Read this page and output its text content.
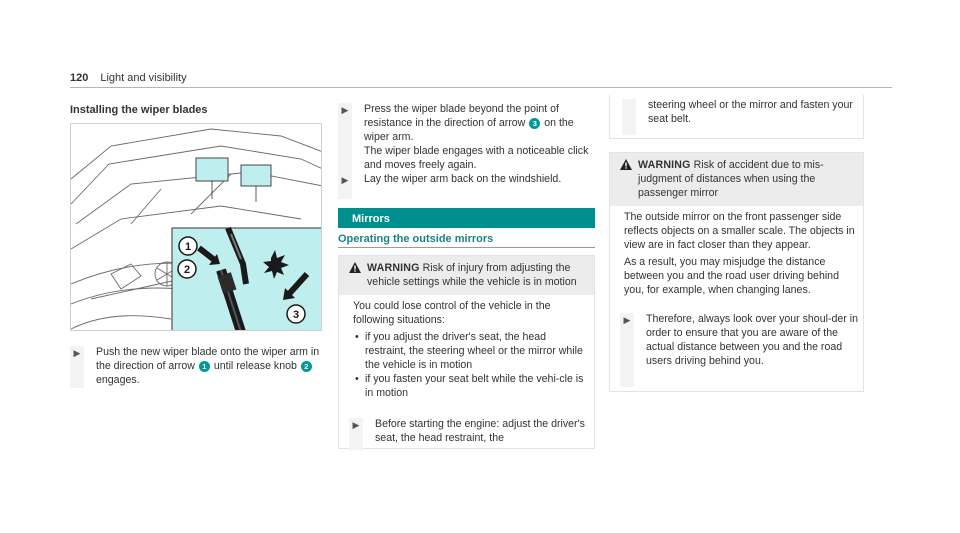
120 Light and visibility
Installing the wiper blades
1
2
3
▶	Push the new wiper blade onto the wiper arm in the direction of arrow 1 until release knob 2 engages.
▶	Press the wiper blade beyond the point of resistance in the direction of arrow 3 on the wiper arm.
The wiper blade engages with a noticeable click and moves freely again.
▶	Lay the wiper arm back on the windshield.
Mirrors
Operating the outside mirrors
WARNING Risk of injury from adjusting the vehicle settings while the vehicle is in motion

You could lose control of the vehicle in the following situations:

• if you adjust the driver's seat, the head restraint, the steering wheel or the mirror while the vehicle is in motion
• if you fasten your seat belt while the vehi-cle is in motion
▶	Before starting the engine: adjust the driver's seat, the head restraint, the
steering wheel or the mirror and fasten your seat belt.
WARNING Risk of accident due to mis-judgment of distances when using the passenger mirror

The outside mirror on the front passenger side reflects objects on a smaller scale. The objects in view are in fact closer than they appear.

As a result, you may misjudge the distance between you and the road user driving behind you, for example, when changing lanes.

▶	Therefore, always look over your shoul-der in order to ensure that you are aware of the actual distance between you and the road users driving behind you.
